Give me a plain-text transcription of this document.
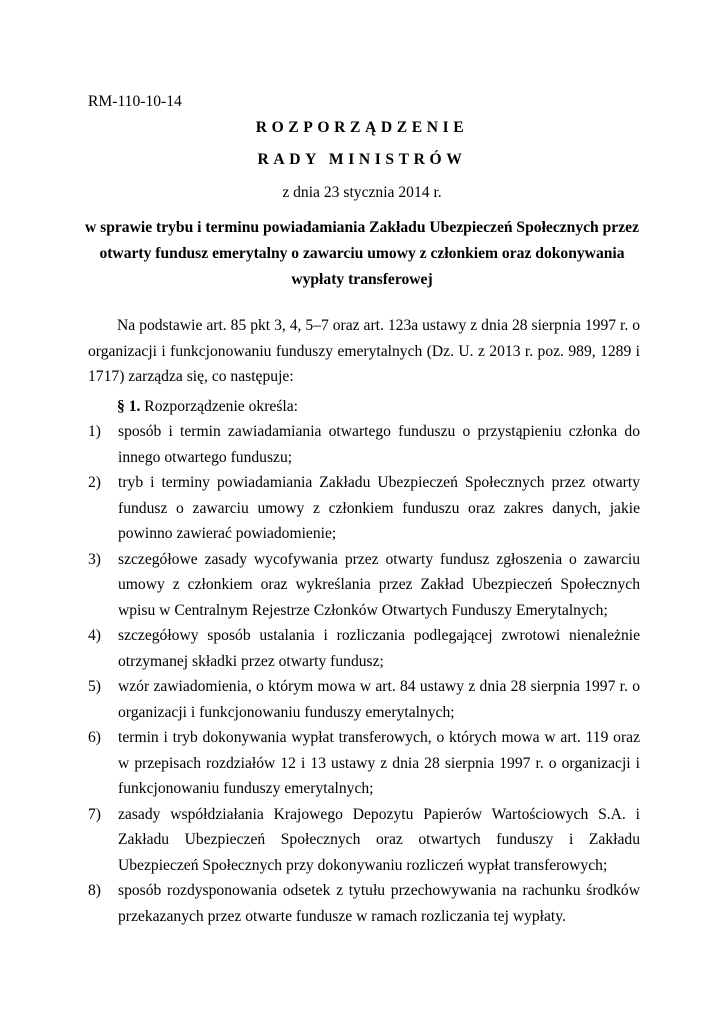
RM-110-10-14
ROZPORZĄDZENIE
RADY MINISTRÓW
z dnia 23 stycznia 2014 r.
w sprawie trybu i terminu powiadamiania Zakładu Ubezpieczeń Społecznych przez otwarty fundusz emerytalny o zawarciu umowy z członkiem oraz dokonywania wypłaty transferowej

Na podstawie art. 85 pkt 3, 4, 5–7 oraz art. 123a ustawy z dnia 28 sierpnia 1997 r. o organizacji i funkcjonowaniu funduszy emerytalnych (Dz. U. z 2013 r. poz. 989, 1289 i 1717) zarządza się, co następuje:

§ 1. Rozporządzenie określa:

1) sposób i termin zawiadamiania otwartego funduszu o przystąpieniu członka do innego otwartego funduszu;
2) tryb i terminy powiadamiania Zakładu Ubezpieczeń Społecznych przez otwarty fundusz o zawarciu umowy z członkiem funduszu oraz zakres danych, jakie powinno zawierać powiadomienie;
3) szczegółowe zasady wycofywania przez otwarty fundusz zgłoszenia o zawarciu umowy z członkiem oraz wykreślania przez Zakład Ubezpieczeń Społecznych wpisu w Centralnym Rejestrze Członków Otwartych Funduszy Emerytalnych;
4) szczegółowy sposób ustalania i rozliczania podlegającej zwrotowi nienależnie otrzymanej składki przez otwarty fundusz;
5) wzór zawiadomienia, o którym mowa w art. 84 ustawy z dnia 28 sierpnia 1997 r. o organizacji i funkcjonowaniu funduszy emerytalnych;
6) termin i tryb dokonywania wypłat transferowych, o których mowa w art. 119 oraz w przepisach rozdziałów 12 i 13 ustawy z dnia 28 sierpnia 1997 r. o organizacji i funkcjonowaniu funduszy emerytalnych;
7) zasady współdziałania Krajowego Depozytu Papierów Wartościowych S.A. i Zakładu Ubezpieczeń Społecznych oraz otwartych funduszy i Zakładu Ubezpieczeń Społecznych przy dokonywaniu rozliczeń wypłat transferowych;
8) sposób rozdysponowania odsetek z tytułu przechowywania na rachunku środków przekazanych przez otwarte fundusze w ramach rozliczania tej wypłaty.
